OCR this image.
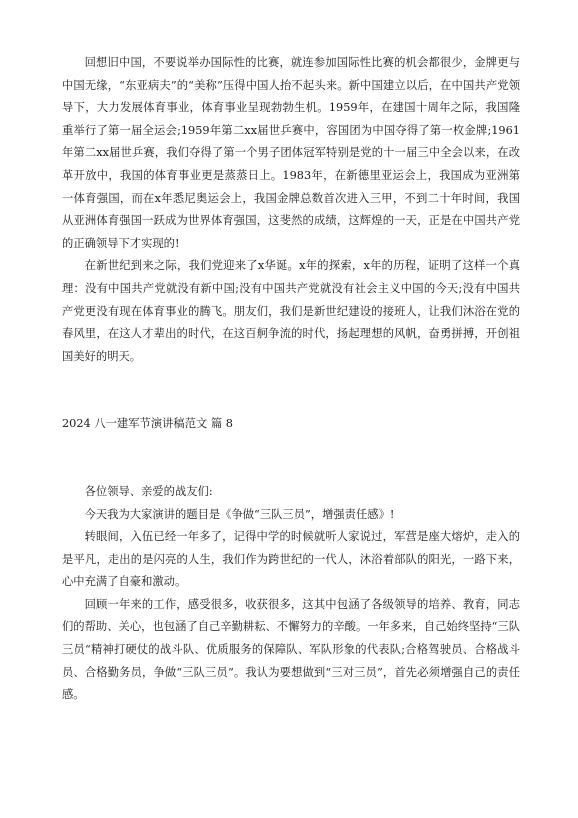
回想旧中国，不要说举办国际性的比赛，就连参加国际性比赛的机会都很少，金牌更与中国无缘，“东亚病夫”的“美称”压得中国人抬不起头来。新中国建立以后，在中国共产党领导下，大力发展体育事业，体育事业呈现勃勃生机。1959年，在建国十周年之际，我国隆重举行了第一届全运会;1959年第二xx届世乒赛中，容国团为中国夺得了第一枚金牌;1961年第二xx届世乒赛，我们夺得了第一个男子团体冠军特别是党的十一届三中全会以来，在改革开放中，我国的体育事业更是蒸蒸日上。1983年，在新德里亚运会上，我国成为亚洲第一体育强国，而在x年悉尼奥运会上，我国金牌总数首次进入三甲，不到二十年时间，我国从亚洲体育强国一跃成为世界体育强国，这斐然的成绩，这辉煌的一天，正是在中国共产党的正确领导下才实现的!

在新世纪到来之际，我们党迎来了x华诞。x年的探索，x年的历程，证明了这样一个真理：没有中国共产党就没有新中国;没有中国共产党就没有社会主义中国的今天;没有中国共产党更没有现在体育事业的腾飞。朋友们，我们是新世纪建设的接班人，让我们沐浴在党的春风里，在这人才辈出的时代，在这百舸争流的时代，扬起理想的风帆，奋勇拼搏，开创祖国美好的明天。

2024 八一建军节演讲稿范文 篇 8

各位领导、亲爱的战友们:

今天我为大家演讲的题目是《争做“三队三员”，增强责任感》!

转眼间，入伍已经一年多了，记得中学的时候就听人家说过，军营是座大熔炉，走入的是平凡，走出的是闪亮的人生，我们作为跨世纪的一代人，沐浴着部队的阳光，一路下来，心中充满了自豪和激动。

回顾一年来的工作，感受很多，收获很多，这其中包涵了各级领导的培养、教育，同志们的帮助、关心，也包涵了自己辛勤耕耘、不懈努力的辛酸。一年多来，自己始终坚持“三队三员“精神打硬仗的战斗队、优质服务的保障队、军队形象的代表队;合格驾驶员、合格战斗员、合格勤务员，争做“三队三员”。我认为要想做到“三对三员”，首先必须增强自己的责任感。
